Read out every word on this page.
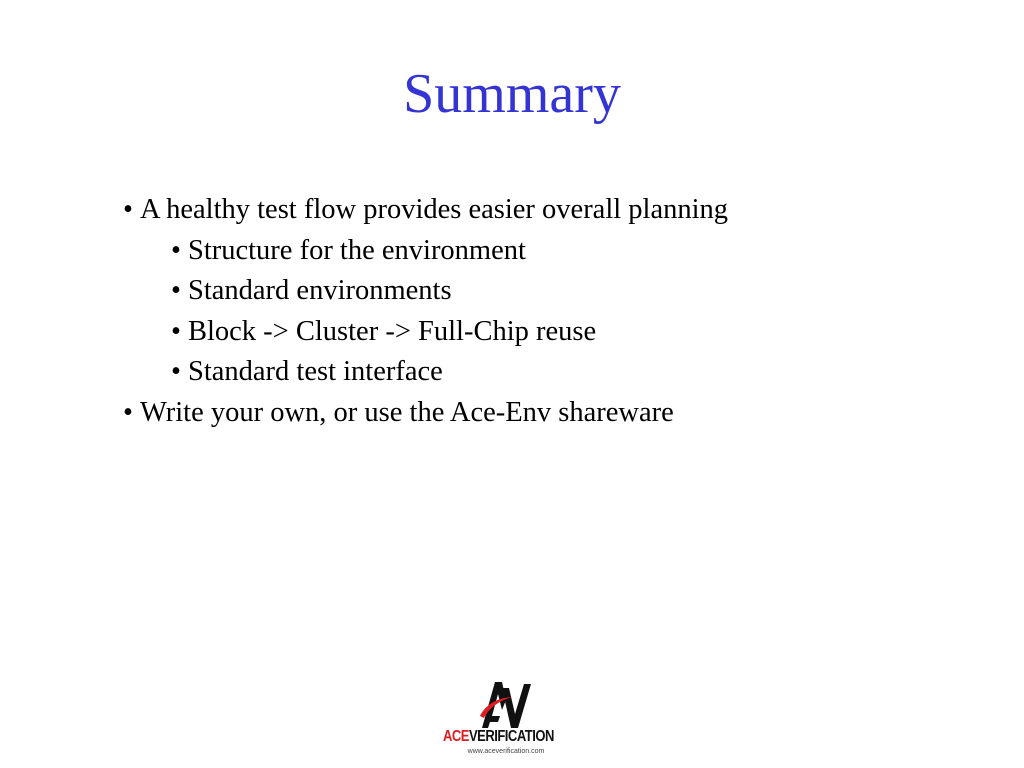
Summary
• A healthy test flow provides easier overall planning
• Structure for the environment
• Standard environments
• Block -> Cluster -> Full-Chip reuse
• Standard test interface
• Write your own, or use the Ace-Env shareware
ACEVERIFICATION
www.aceverification.com
